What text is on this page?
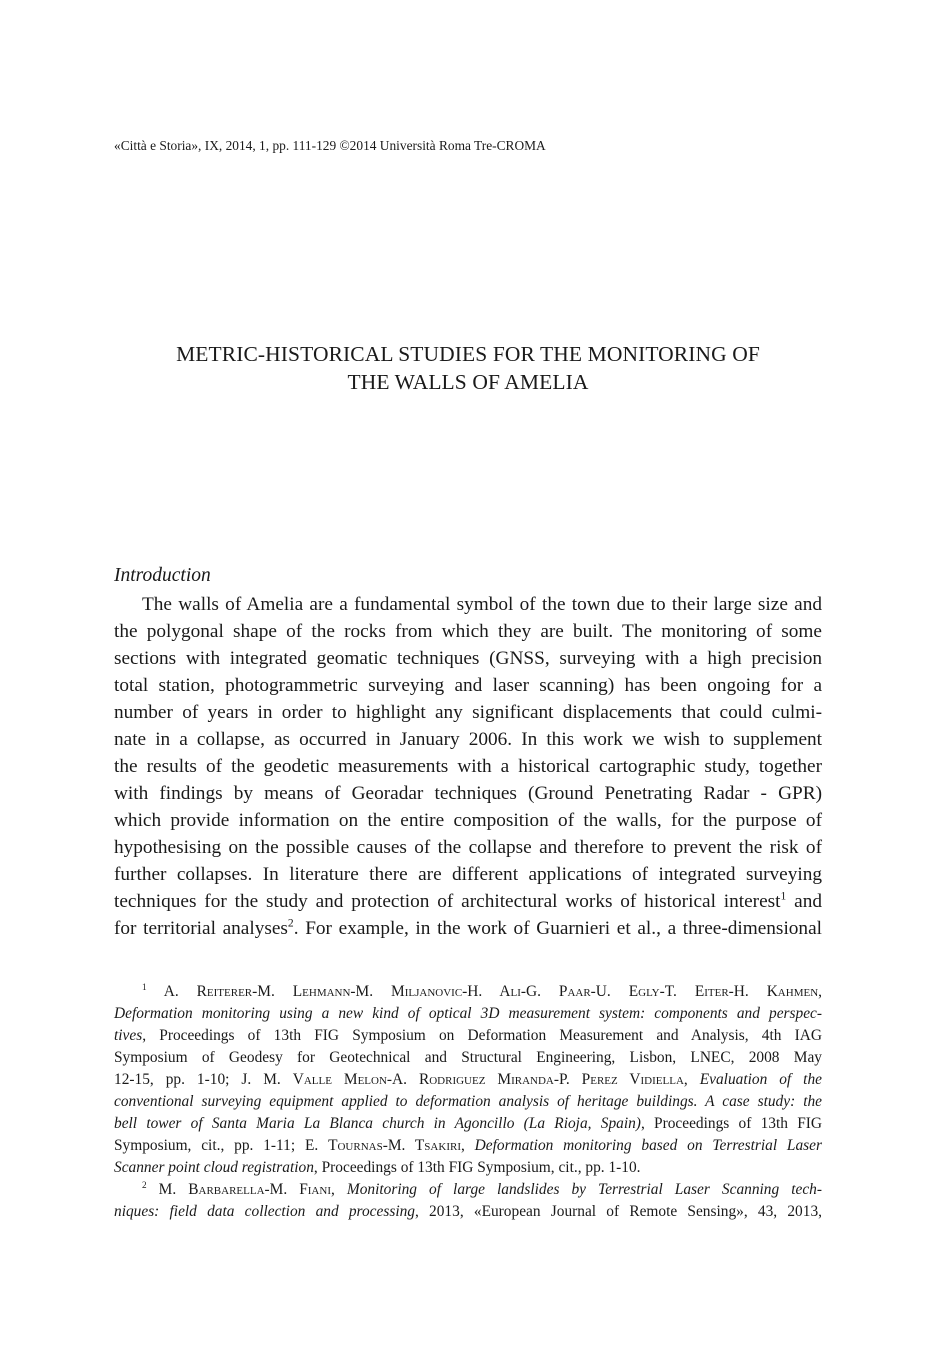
«Città e Storia», IX, 2014, 1, pp. 111-129 ©2014 Università Roma Tre-CROMA
METRIC-HISTORICAL STUDIES FOR THE MONITORING OF
THE WALLS OF AMELIA
Introduction
The walls of Amelia are a fundamental symbol of the town due to their large size and
the polygonal shape of the rocks from which they are built. The monitoring of some
sections with integrated geomatic techniques (GNSS, surveying with a high precision
total station, photogrammetric surveying and laser scanning) has been ongoing for a
number of years in order to highlight any significant displacements that could culmi-
nate in a collapse, as occurred in January 2006. In this work we wish to supplement
the results of the geodetic measurements with a historical cartographic study, together
with findings by means of Georadar techniques (Ground Penetrating Radar - GPR)
which provide information on the entire composition of the walls, for the purpose of
hypothesising on the possible causes of the collapse and therefore to prevent the risk of
further collapses. In literature there are different applications of integrated surveying
techniques for the study and protection of architectural works of historical interest$^1$ and
for territorial analyses$^2$. For example, in the work of Guarnieri et al., a three-dimensional
$^1$ A. Reiterer-M. Lehmann-M. Miljanovic-H. Ali-G. Paar-U. Egly-T. Eiter-H. Kahmen,
Deformation monitoring using a new kind of optical 3D measurement system: components and perspec-
tives, Proceedings of 13th FIG Symposium on Deformation Measurement and Analysis, 4th IAG
Symposium of Geodesy for Geotechnical and Structural Engineering, Lisbon, LNEC, 2008 May
12-15, pp. 1-10; J. M. Valle Melon-A. Rodriguez Miranda-P. Perez Vidiella, Evaluation of the
conventional surveying equipment applied to deformation analysis of heritage buildings. A case study: the
bell tower of Santa Maria La Blanca church in Agoncillo (La Rioja, Spain), Proceedings of 13th FIG
Symposium, cit., pp. 1-11; E. Tournas-M. Tsakiri, Deformation monitoring based on Terrestrial Laser
Scanner point cloud registration, Proceedings of 13th FIG Symposium, cit., pp. 1-10.
$^2$ M. Barbarella-M. Fiani, Monitoring of large landslides by Terrestrial Laser Scanning tech-
niques: field data collection and processing, 2013, «European Journal of Remote Sensing», 43, 2013,
